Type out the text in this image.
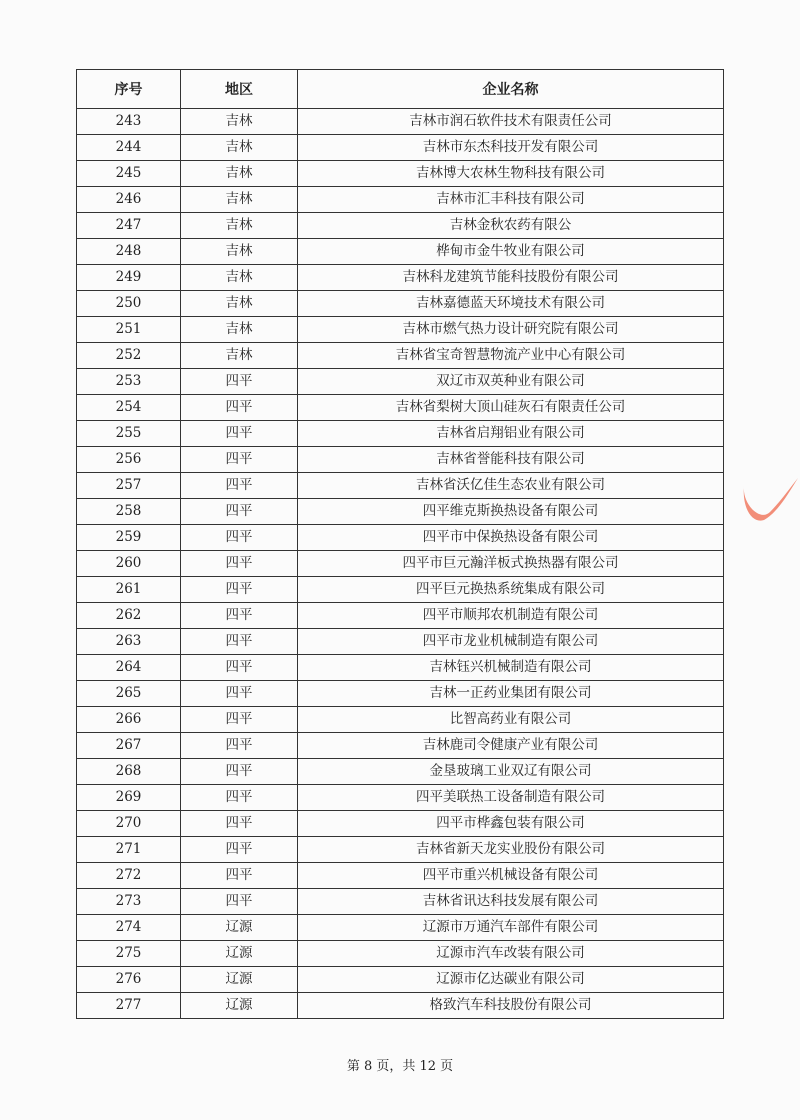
序号	地区	企业名称
243	吉林	吉林市润石软件技术有限责任公司
244	吉林	吉林市东杰科技开发有限公司
245	吉林	吉林博大农林生物科技有限公司
246	吉林	吉林市汇丰科技有限公司
247	吉林	吉林金秋农药有限公
248	吉林	桦甸市金牛牧业有限公司
249	吉林	吉林科龙建筑节能科技股份有限公司
250	吉林	吉林嘉德蓝天环境技术有限公司
251	吉林	吉林市燃气热力设计研究院有限公司
252	吉林	吉林省宝奇智慧物流产业中心有限公司
253	四平	双辽市双英种业有限公司
254	四平	吉林省梨树大顶山硅灰石有限责任公司
255	四平	吉林省启翔铝业有限公司
256	四平	吉林省誉能科技有限公司
257	四平	吉林省沃亿佳生态农业有限公司
258	四平	四平维克斯换热设备有限公司
259	四平	四平市中保换热设备有限公司
260	四平	四平市巨元瀚洋板式换热器有限公司
261	四平	四平巨元换热系统集成有限公司
262	四平	四平市顺邦农机制造有限公司
263	四平	四平市龙业机械制造有限公司
264	四平	吉林钰兴机械制造有限公司
265	四平	吉林一正药业集团有限公司
266	四平	比智高药业有限公司
267	四平	吉林鹿司令健康产业有限公司
268	四平	金垦玻璃工业双辽有限公司
269	四平	四平美联热工设备制造有限公司
270	四平	四平市桦鑫包装有限公司
271	四平	吉林省新天龙实业股份有限公司
272	四平	四平市重兴机械设备有限公司
273	四平	吉林省讯达科技发展有限公司
274	辽源	辽源市万通汽车部件有限公司
275	辽源	辽源市汽车改装有限公司
276	辽源	辽源市亿达碳业有限公司
277	辽源	格致汽车科技股份有限公司
第 8 页，共 12 页
